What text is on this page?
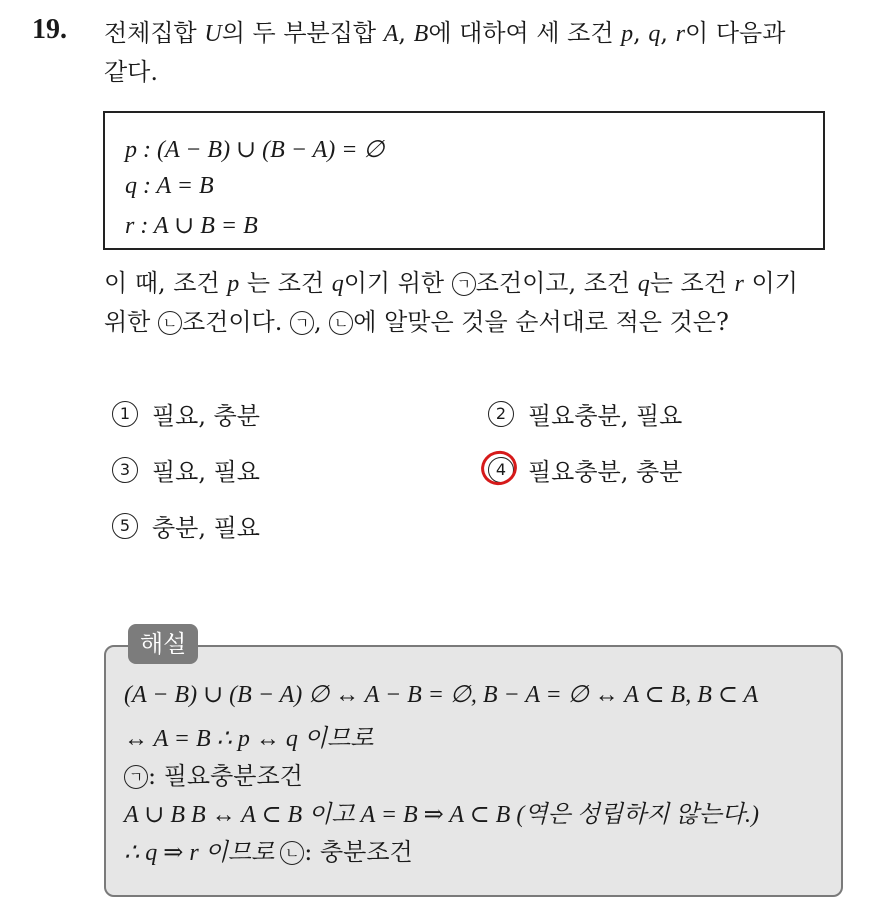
19. 전체집합 U의 두 부분집합 A, B에 대하여 세 조건 p, q, r이 다음과
같다.
p : (A − B) ∪ (B − A) = ∅
q : A = B
r : A ∪ B = B
이 때, 조건 p 는 조건 q이기 위한 ㄱ 조건이고, 조건 q는 조건 r 이기
위한 ㄴ 조건이다. ㄱ , ㄴ 에 알맞은 것을 순서대로 적은 것은?
1 필요, 충분	2 필요충분, 필요
3 필요, 필요	4 필요충분, 충분
5 충분, 필요
해설
(A − B) ∪ (B − A) ∅ ↔ A − B = ∅, B − A = ∅ ↔ A ⊂ B, B ⊂ A
↔ A = B ∴ p ↔ q 이므로
ㄱ : 필요충분조건
A ∪ B B ↔ A ⊂ B 이고 A = B ⇒ A ⊂ B (역은 성립하지 않는다.)
∴ q ⇒ r 이므로 ㄴ : 충분조건
